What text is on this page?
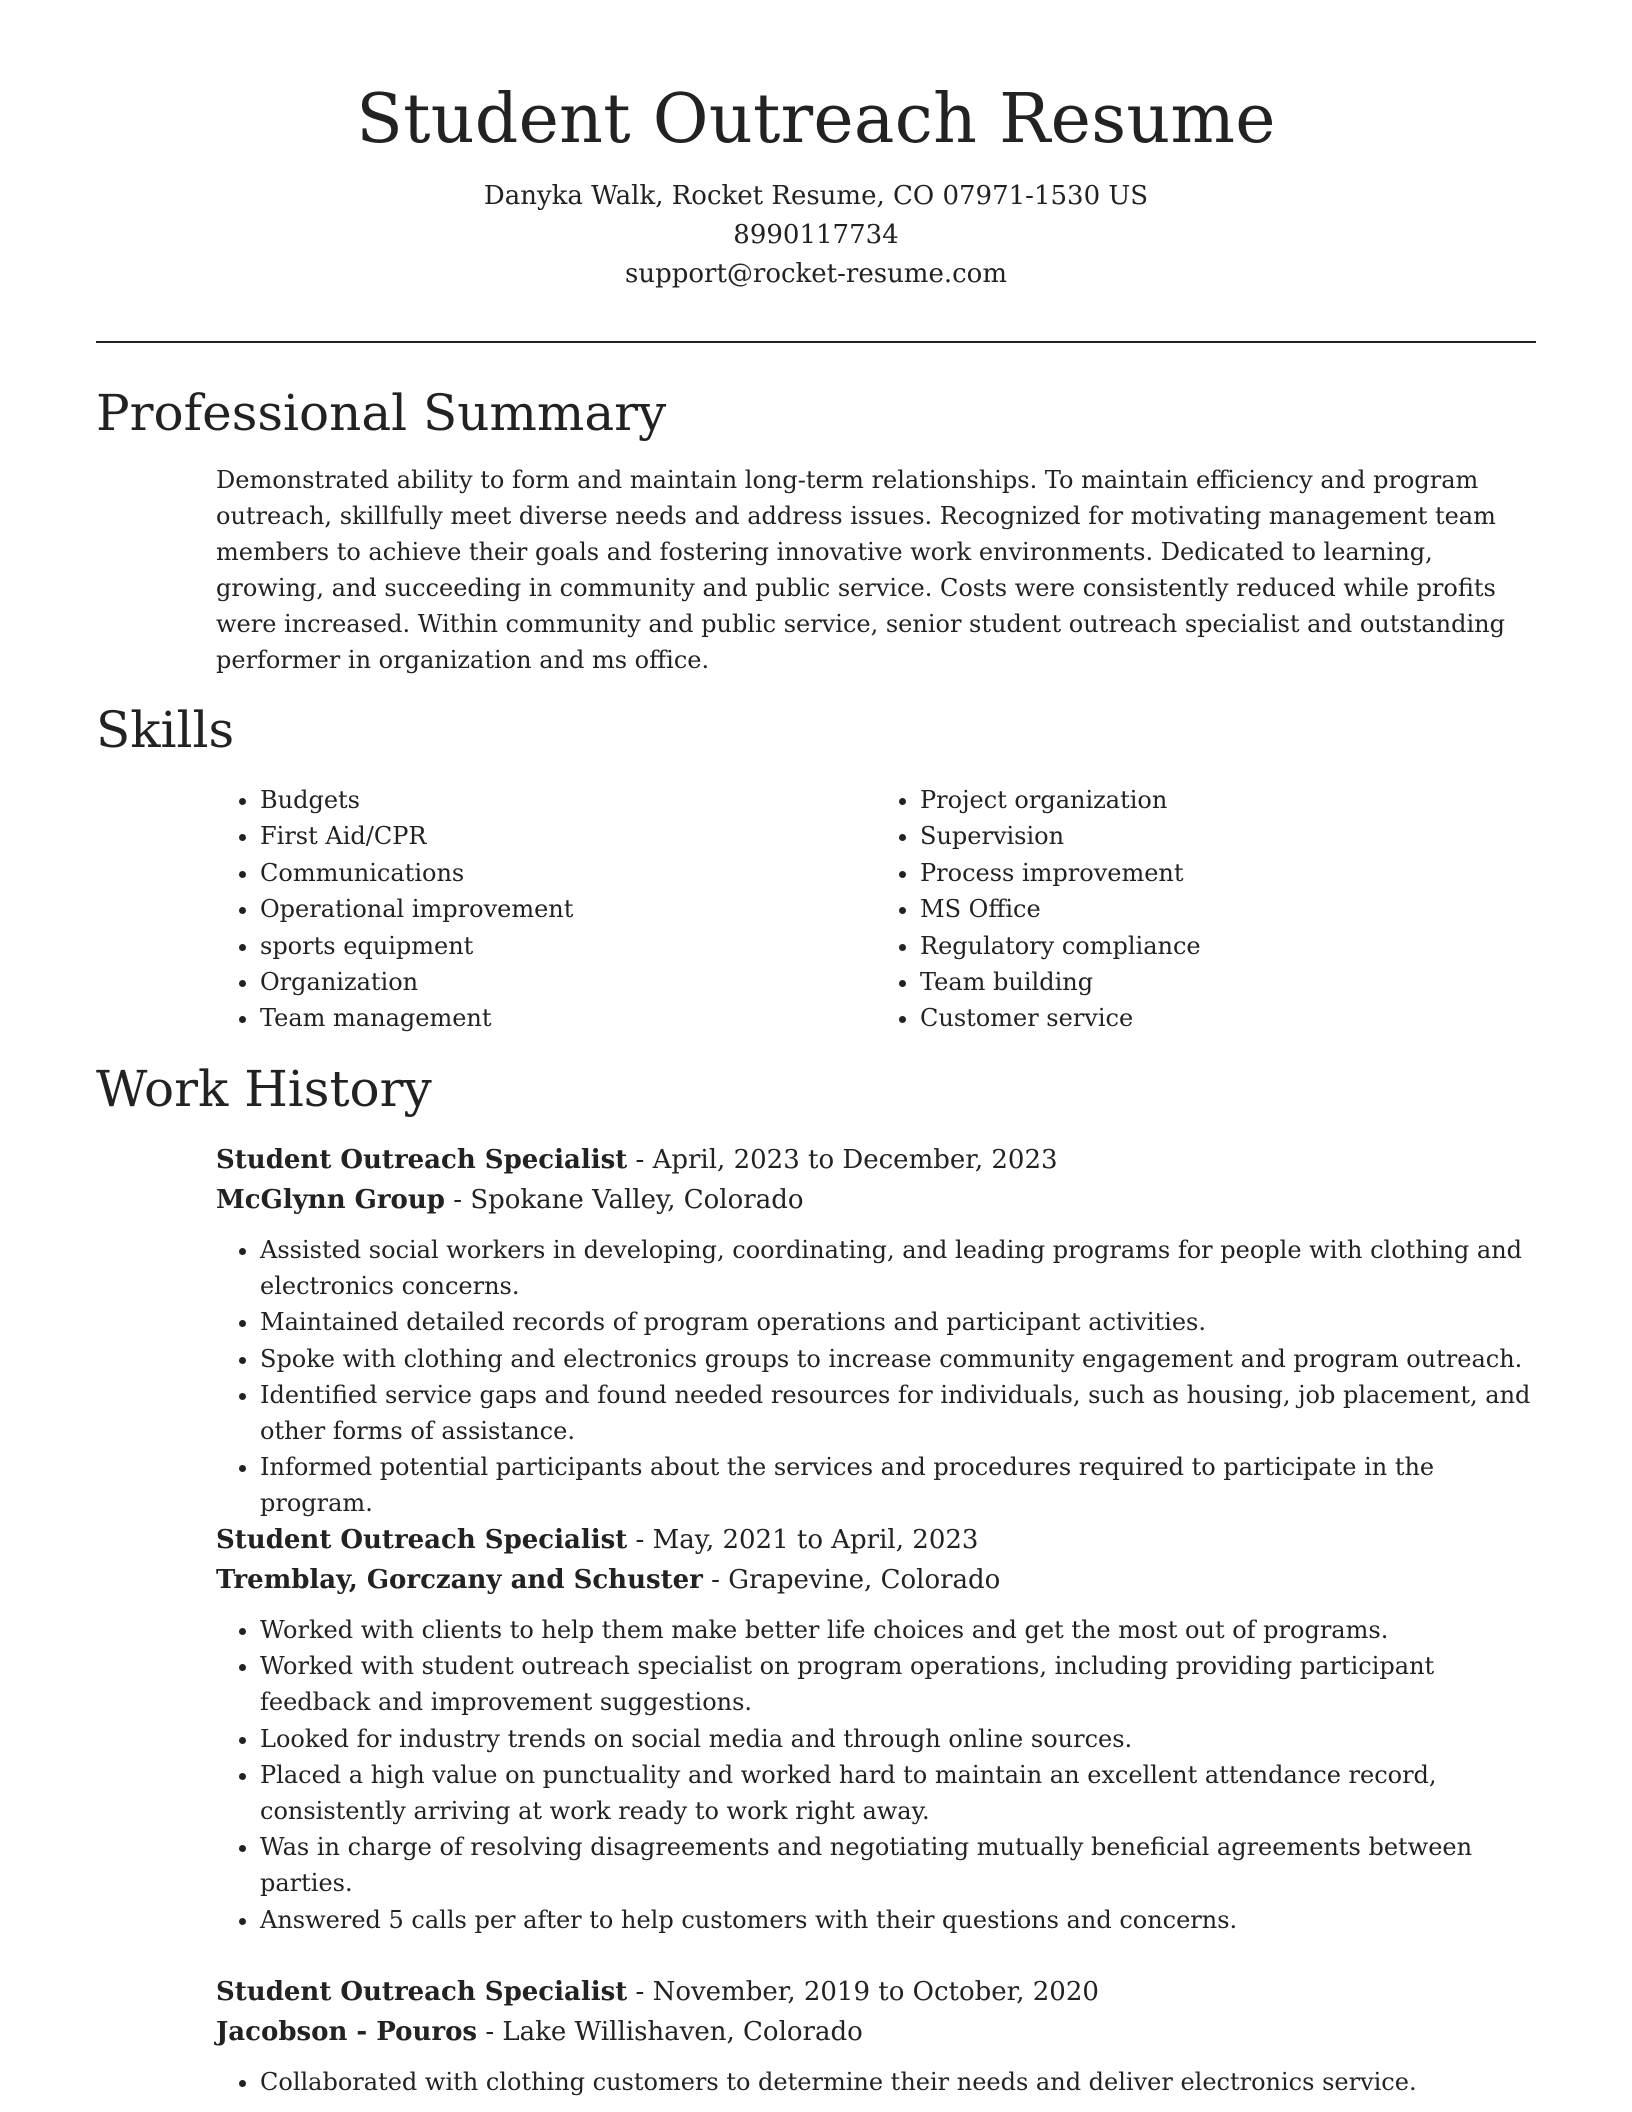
Student Outreach Resume
Danyka Walk, Rocket Resume, CO 07971-1530 US
8990117734
support@rocket-resume.com
Professional Summary

Demonstrated ability to form and maintain long-term relationships. To maintain efficiency and program outreach, skillfully meet diverse needs and address issues. Recognized for motivating management team members to achieve their goals and fostering innovative work environments. Dedicated to learning, growing, and succeeding in community and public service. Costs were consistently reduced while profits were increased. Within community and public service, senior student outreach specialist and outstanding performer in organization and ms office.

Skills
• Budgets
• First Aid/CPR
• Communications
• Operational improvement
• sports equipment
• Organization
• Team management
• Project organization
• Supervision
• Process improvement
• MS Office
• Regulatory compliance
• Team building
• Customer service
Work History
Student Outreach Specialist - April, 2023 to December, 2023
McGlynn Group - Spokane Valley, Colorado
• Assisted social workers in developing, coordinating, and leading programs for people with clothing and electronics concerns.
• Maintained detailed records of program operations and participant activities.
• Spoke with clothing and electronics groups to increase community engagement and program outreach.
• Identified service gaps and found needed resources for individuals, such as housing, job placement, and other forms of assistance.
• Informed potential participants about the services and procedures required to participate in the program.
Student Outreach Specialist - May, 2021 to April, 2023
Tremblay, Gorczany and Schuster - Grapevine, Colorado
• Worked with clients to help them make better life choices and get the most out of programs.
• Worked with student outreach specialist on program operations, including providing participant feedback and improvement suggestions.
• Looked for industry trends on social media and through online sources.
• Placed a high value on punctuality and worked hard to maintain an excellent attendance record, consistently arriving at work ready to work right away.
• Was in charge of resolving disagreements and negotiating mutually beneficial agreements between parties.
• Answered 5 calls per after to help customers with their questions and concerns.
Student Outreach Specialist - November, 2019 to October, 2020
Jacobson - Pouros - Lake Willishaven, Colorado
• Collaborated with clothing customers to determine their needs and deliver electronics service.
